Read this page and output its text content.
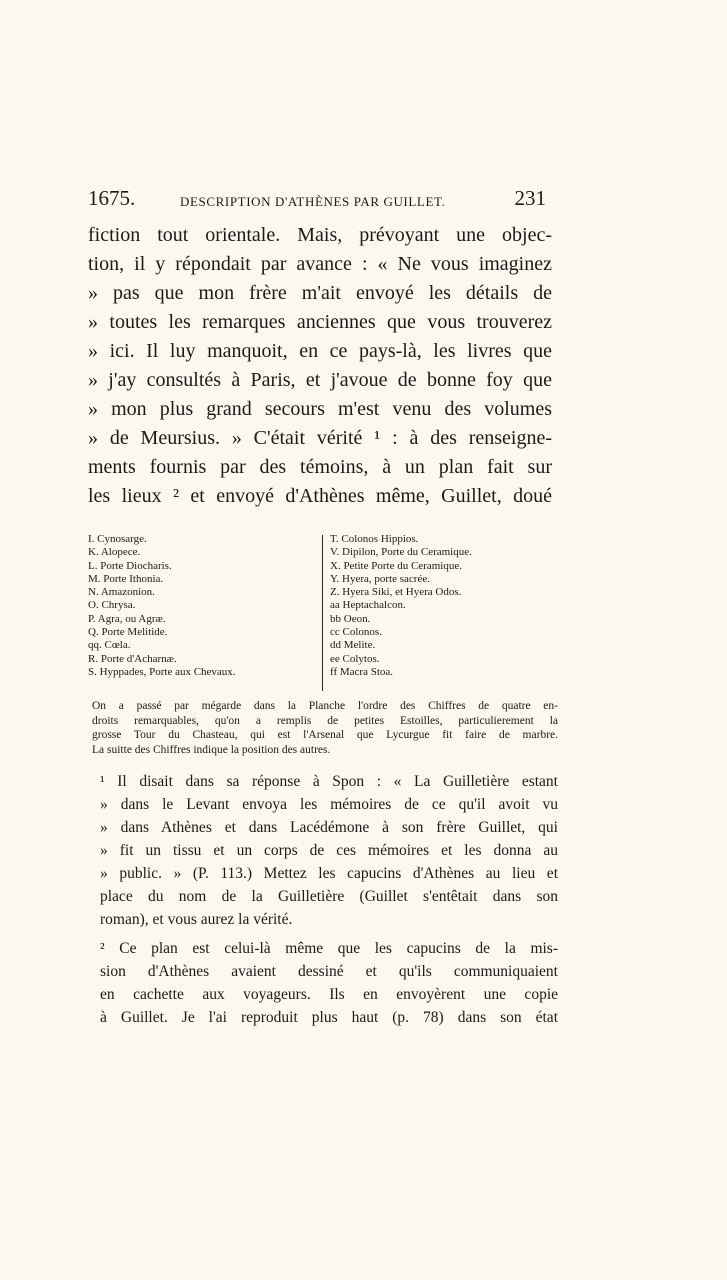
1675.	DESCRIPTION D'ATHÈNES PAR GUILLET.	231
fiction tout orientale. Mais, prévoyant une objec-
tion, il y répondait par avance : « Ne vous imaginez
» pas que mon frère m'ait envoyé les détails de
» toutes les remarques anciennes que vous trouverez
» ici. Il luy manquoit, en ce pays-là, les livres que
» j'ay consultés à Paris, et j'avoue de bonne foy que
» mon plus grand secours m'est venu des volumes
» de Meursius. » C'était vérité ¹ : à des renseigne-
ments fournis par des témoins, à un plan fait sur
les lieux ² et envoyé d'Athènes même, Guillet, doué
I. Cynosarge.
K. Alopece.
L. Porte Diocharis.
M. Porte Ithonia.
N. Amazonion.
O. Chrysa.
P. Agra, ou Agræ.
Q. Porte Melitide.
qq. Cœla.
R. Porte d'Acharnæ.
S. Hyppades, Porte aux Chevaux.
T. Colonos Hippios.
V. Dipilon, Porte du Ceramique.
X. Petite Porte du Ceramique.
Y. Hyera, porte sacrée.
Z. Hyera Siki, et Hyera Odos.
aa Heptachalcon.
bb Oeon.
cc Colonos.
dd Melite.
ee Colytos.
ff Macra Stoa.
On a passé par mégarde dans la Planche l'ordre des Chiffres de quatre en-
droits remarquables, qu'on a remplis de petites Estoilles, particulierement la
grosse Tour du Chasteau, qui est l'Arsenal que Lycurgue fit faire de marbre.
La suitte des Chiffres indique la position des autres.
¹ Il disait dans sa réponse à Spon : « La Guilletière estant
» dans le Levant envoya les mémoires de ce qu'il avoit vu
» dans Athènes et dans Lacédémone à son frère Guillet, qui
» fit un tissu et un corps de ces mémoires et les donna au
» public. » (P. 113.) Mettez les capucins d'Athènes au lieu et
place du nom de la Guilletière (Guillet s'entêtait dans son
roman), et vous aurez la vérité.
² Ce plan est celui-là même que les capucins de la mis-
sion d'Athènes avaient dessiné et qu'ils communiquaient
en cachette aux voyageurs. Ils en envoyèrent une copie
à Guillet. Je l'ai reproduit plus haut (p. 78) dans son état
